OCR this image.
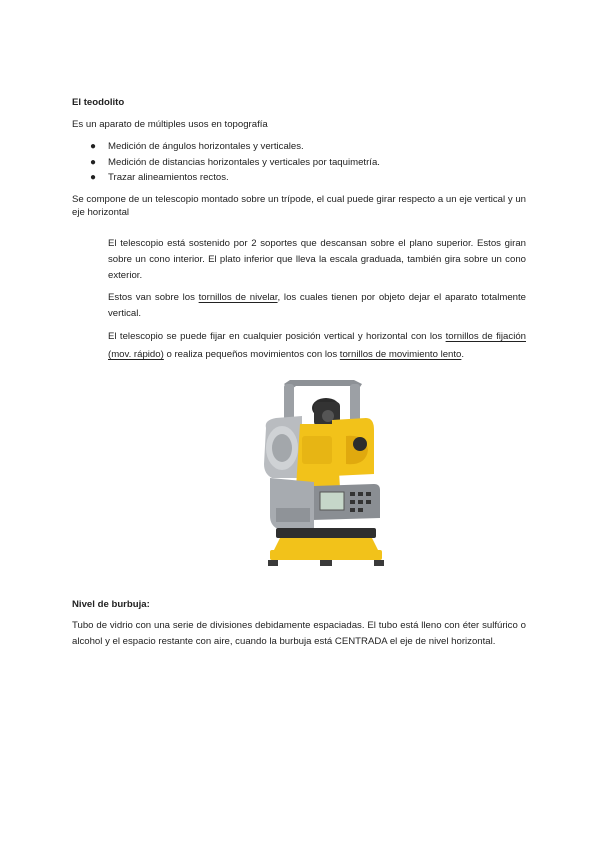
El teodolito
Es un aparato de múltiples usos en topografía
● Medición de ángulos horizontales y verticales.
● Medición de distancias horizontales y verticales por taquimetría.
● Trazar alineamientos rectos.
Se compone de un telescopio montado sobre un trípode, el cual puede girar respecto a un eje vertical y un eje horizontal
El telescopio está sostenido por 2 soportes que descansan sobre el plano superior. Estos giran sobre un cono interior. El plato inferior que lleva la escala graduada, también gira sobre un cono exterior.
Estos van sobre los tornillos de nivelar, los cuales tienen por objeto dejar el aparato totalmente vertical.
El telescopio se puede fijar en cualquier posición vertical y horizontal con los tornillos de fijación (mov. rápido) o realiza pequeños movimientos con los tornillos de movimiento lento.
Nivel de burbuja:
Tubo de vidrio con una serie de divisiones debidamente espaciadas. El tubo está lleno con éter sulfúrico o alcohol y el espacio restante con aire, cuando la burbuja está CENTRADA el eje de nivel horizontal.
